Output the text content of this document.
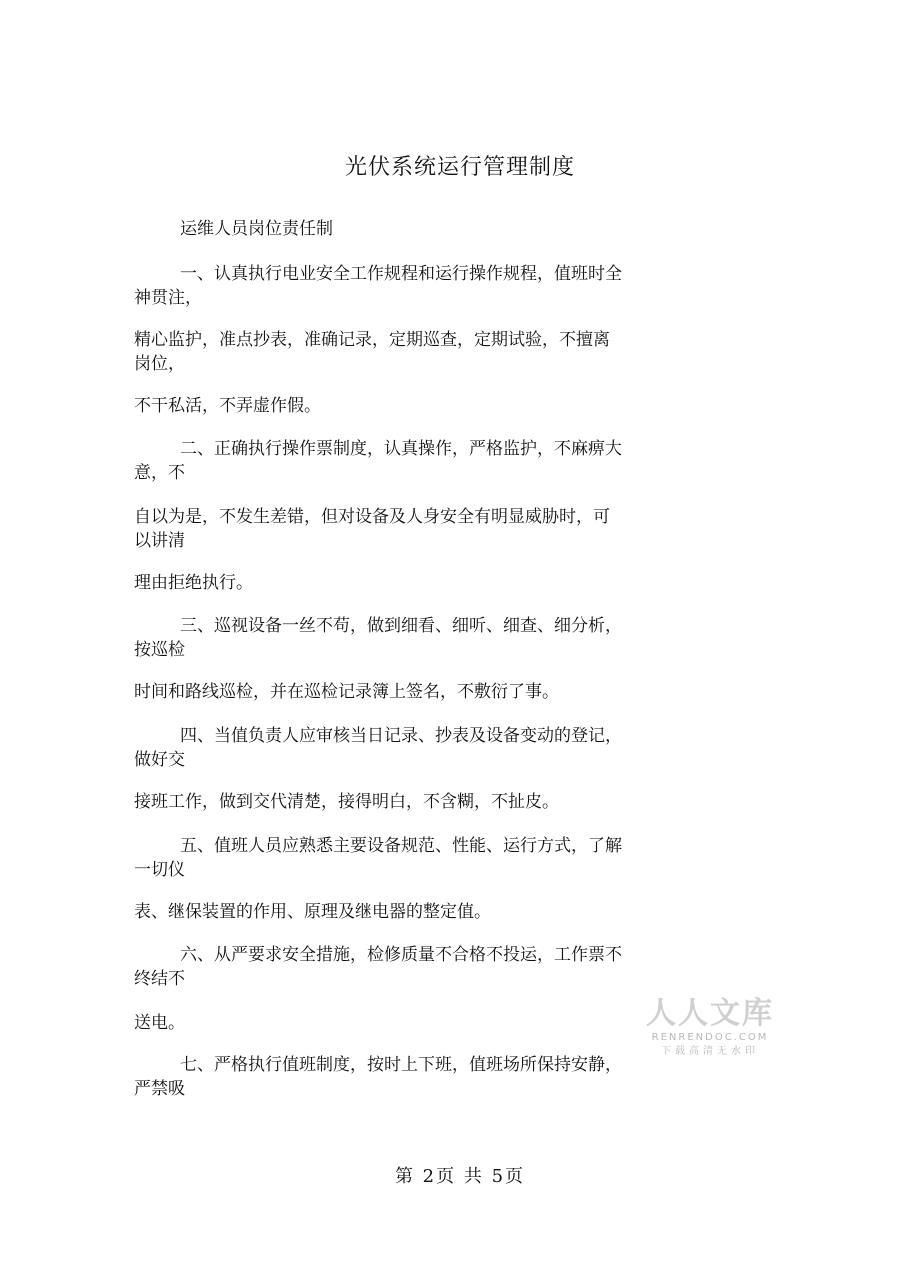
光伏系统运行管理制度
运维人员岗位责任制
一、认真执行电业安全工作规程和运行操作规程，值班时全
神贯注，
精心监护，准点抄表，准确记录，定期巡查，定期试验，不擅离
岗位，
不干私活，不弄虚作假。
二、正确执行操作票制度，认真操作，严格监护，不麻痹大
意，不
自以为是，不发生差错，但对设备及人身安全有明显威胁时，可
以讲清
理由拒绝执行。
三、巡视设备一丝不苟，做到细看、细听、细查、细分析，
按巡检
时间和路线巡检，并在巡检记录簿上签名，不敷衍了事。
四、当值负责人应审核当日记录、抄表及设备变动的登记，
做好交
接班工作，做到交代清楚，接得明白，不含糊，不扯皮。
五、值班人员应熟悉主要设备规范、性能、运行方式，了解
一切仪
表、继保装置的作用、原理及继电器的整定值。
六、从严要求安全措施，检修质量不合格不投运，工作票不
终结不
送电。
七、严格执行值班制度，按时上下班，值班场所保持安静，
严禁吸
人人文库
RENRENDOC.COM
下载高清无水印
第 2页 共 5页
